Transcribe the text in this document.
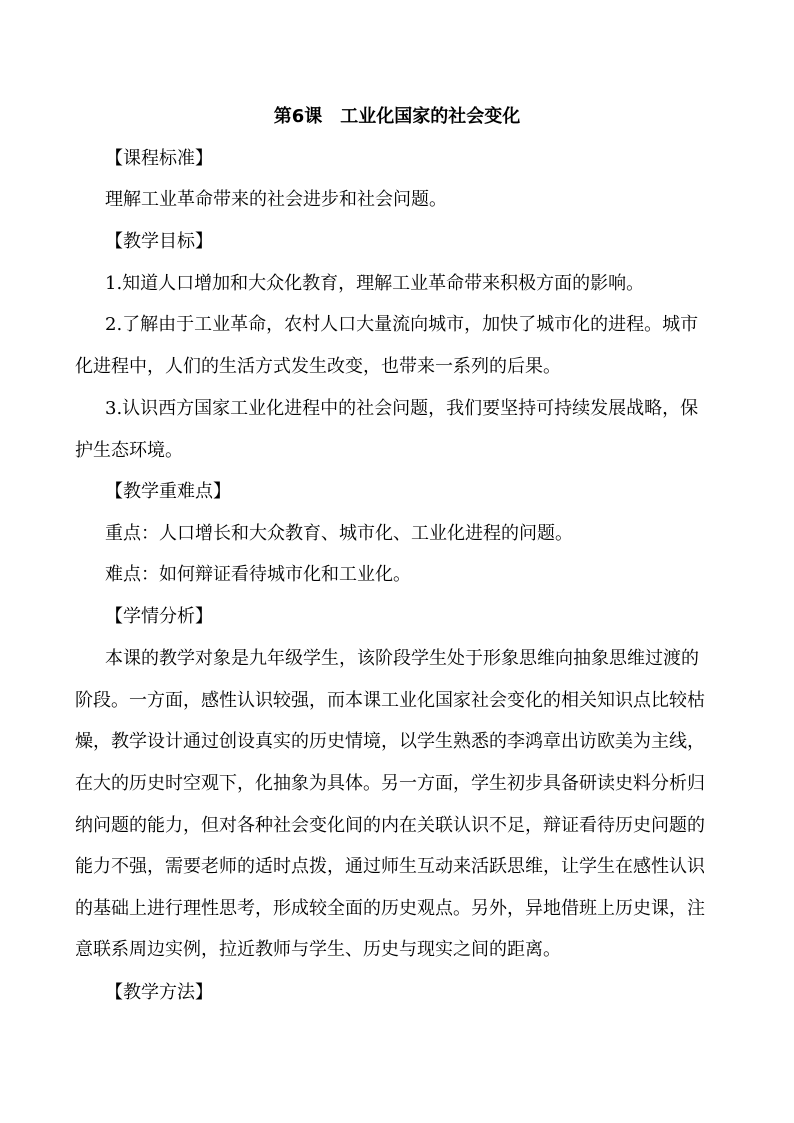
第6课　工业化国家的社会变化
【课程标准】
理解工业革命带来的社会进步和社会问题。
【教学目标】
1.知道人口增加和大众化教育，理解工业革命带来积极方面的影响。
2.了解由于工业革命，农村人口大量流向城市，加快了城市化的进程。城市
化进程中，人们的生活方式发生改变，也带来一系列的后果。
3.认识西方国家工业化进程中的社会问题，我们要坚持可持续发展战略，保
护生态环境。
【教学重难点】
重点：人口增长和大众教育、城市化、工业化进程的问题。
难点：如何辩证看待城市化和工业化。
【学情分析】
本课的教学对象是九年级学生，该阶段学生处于形象思维向抽象思维过渡的
阶段。一方面，感性认识较强，而本课工业化国家社会变化的相关知识点比较枯
燥，教学设计通过创设真实的历史情境，以学生熟悉的李鸿章出访欧美为主线，
在大的历史时空观下，化抽象为具体。另一方面，学生初步具备研读史料分析归
纳问题的能力，但对各种社会变化间的内在关联认识不足，辩证看待历史问题的
能力不强，需要老师的适时点拨，通过师生互动来活跃思维，让学生在感性认识
的基础上进行理性思考，形成较全面的历史观点。另外，异地借班上历史课，注
意联系周边实例，拉近教师与学生、历史与现实之间的距离。
【教学方法】
